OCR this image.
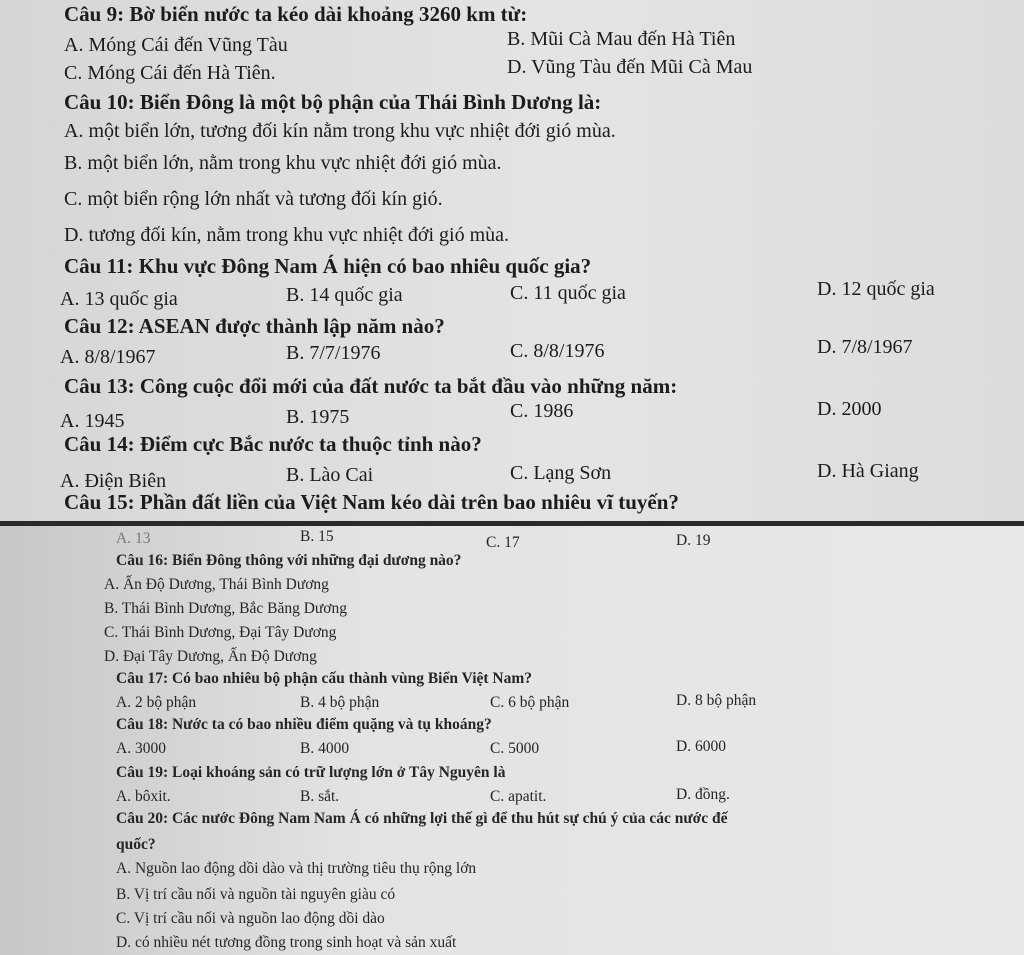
Câu 9: Bờ biển nước ta kéo dài khoảng 3260 km từ:
A. Móng Cái đến Vũng Tàu	B. Mũi Cà Mau đến Hà Tiên
C. Móng Cái đến Hà Tiên.	D. Vũng Tàu đến Mũi Cà Mau
Câu 10: Biển Đông là một bộ phận của Thái Bình Dương là:
A. một biển lớn, tương đối kín nằm trong khu vực nhiệt đới gió mùa.
B. một biển lớn, nằm trong khu vực nhiệt đới gió mùa.
C. một biển rộng lớn nhất và tương đối kín gió.
D. tương đối kín, nằm trong khu vực nhiệt đới gió mùa.
Câu 11: Khu vực Đông Nam Á hiện có bao nhiêu quốc gia?
A. 13 quốc gia	B. 14 quốc gia	C. 11 quốc gia	D. 12 quốc gia
Câu 12: ASEAN được thành lập năm nào?
A. 8/8/1967	B. 7/7/1976	C. 8/8/1976	D. 7/8/1967
Câu 13: Công cuộc đổi mới của đất nước ta bắt đầu vào những năm:
A. 1945	B. 1975	C. 1986	D. 2000
Câu 14: Điểm cực Bắc nước ta thuộc tỉnh nào?
A. Điện Biên	B. Lào Cai	C. Lạng Sơn	D. Hà Giang
Câu 15: Phần đất liền của Việt Nam kéo dài trên bao nhiêu vĩ tuyến?
A. 13	B. 15	C. 17	D. 19
Câu 16: Biển Đông thông với những đại dương nào?
A. Ấn Độ Dương, Thái Bình Dương
B. Thái Bình Dương, Bắc Băng Dương
C. Thái Bình Dương, Đại Tây Dương
D. Đại Tây Dương, Ấn Độ Dương
Câu 17: Có bao nhiêu bộ phận cấu thành vùng Biển Việt Nam?
A. 2 bộ phận	B. 4 bộ phận	C. 6 bộ phận	D. 8 bộ phận
Câu 18: Nước ta có bao nhiều điểm quặng và tụ khoáng?
A. 3000	B. 4000	C. 5000	D. 6000
Câu 19: Loại khoáng sản có trữ lượng lớn ở Tây Nguyên là
A. bôxit.	B. sắt.	C. apatit.	D. đồng.
Câu 20: Các nước Đông Nam Nam Á có những lợi thế gì để thu hút sự chú ý của các nước đế
quốc?
A. Nguồn lao động dồi dào và thị trường tiêu thụ rộng lớn
B. Vị trí cầu nối và nguồn tài nguyên giàu có
C. Vị trí cầu nối và nguồn lao động dồi dào
D. có nhiều nét tương đồng trong sinh hoạt và sản xuất
